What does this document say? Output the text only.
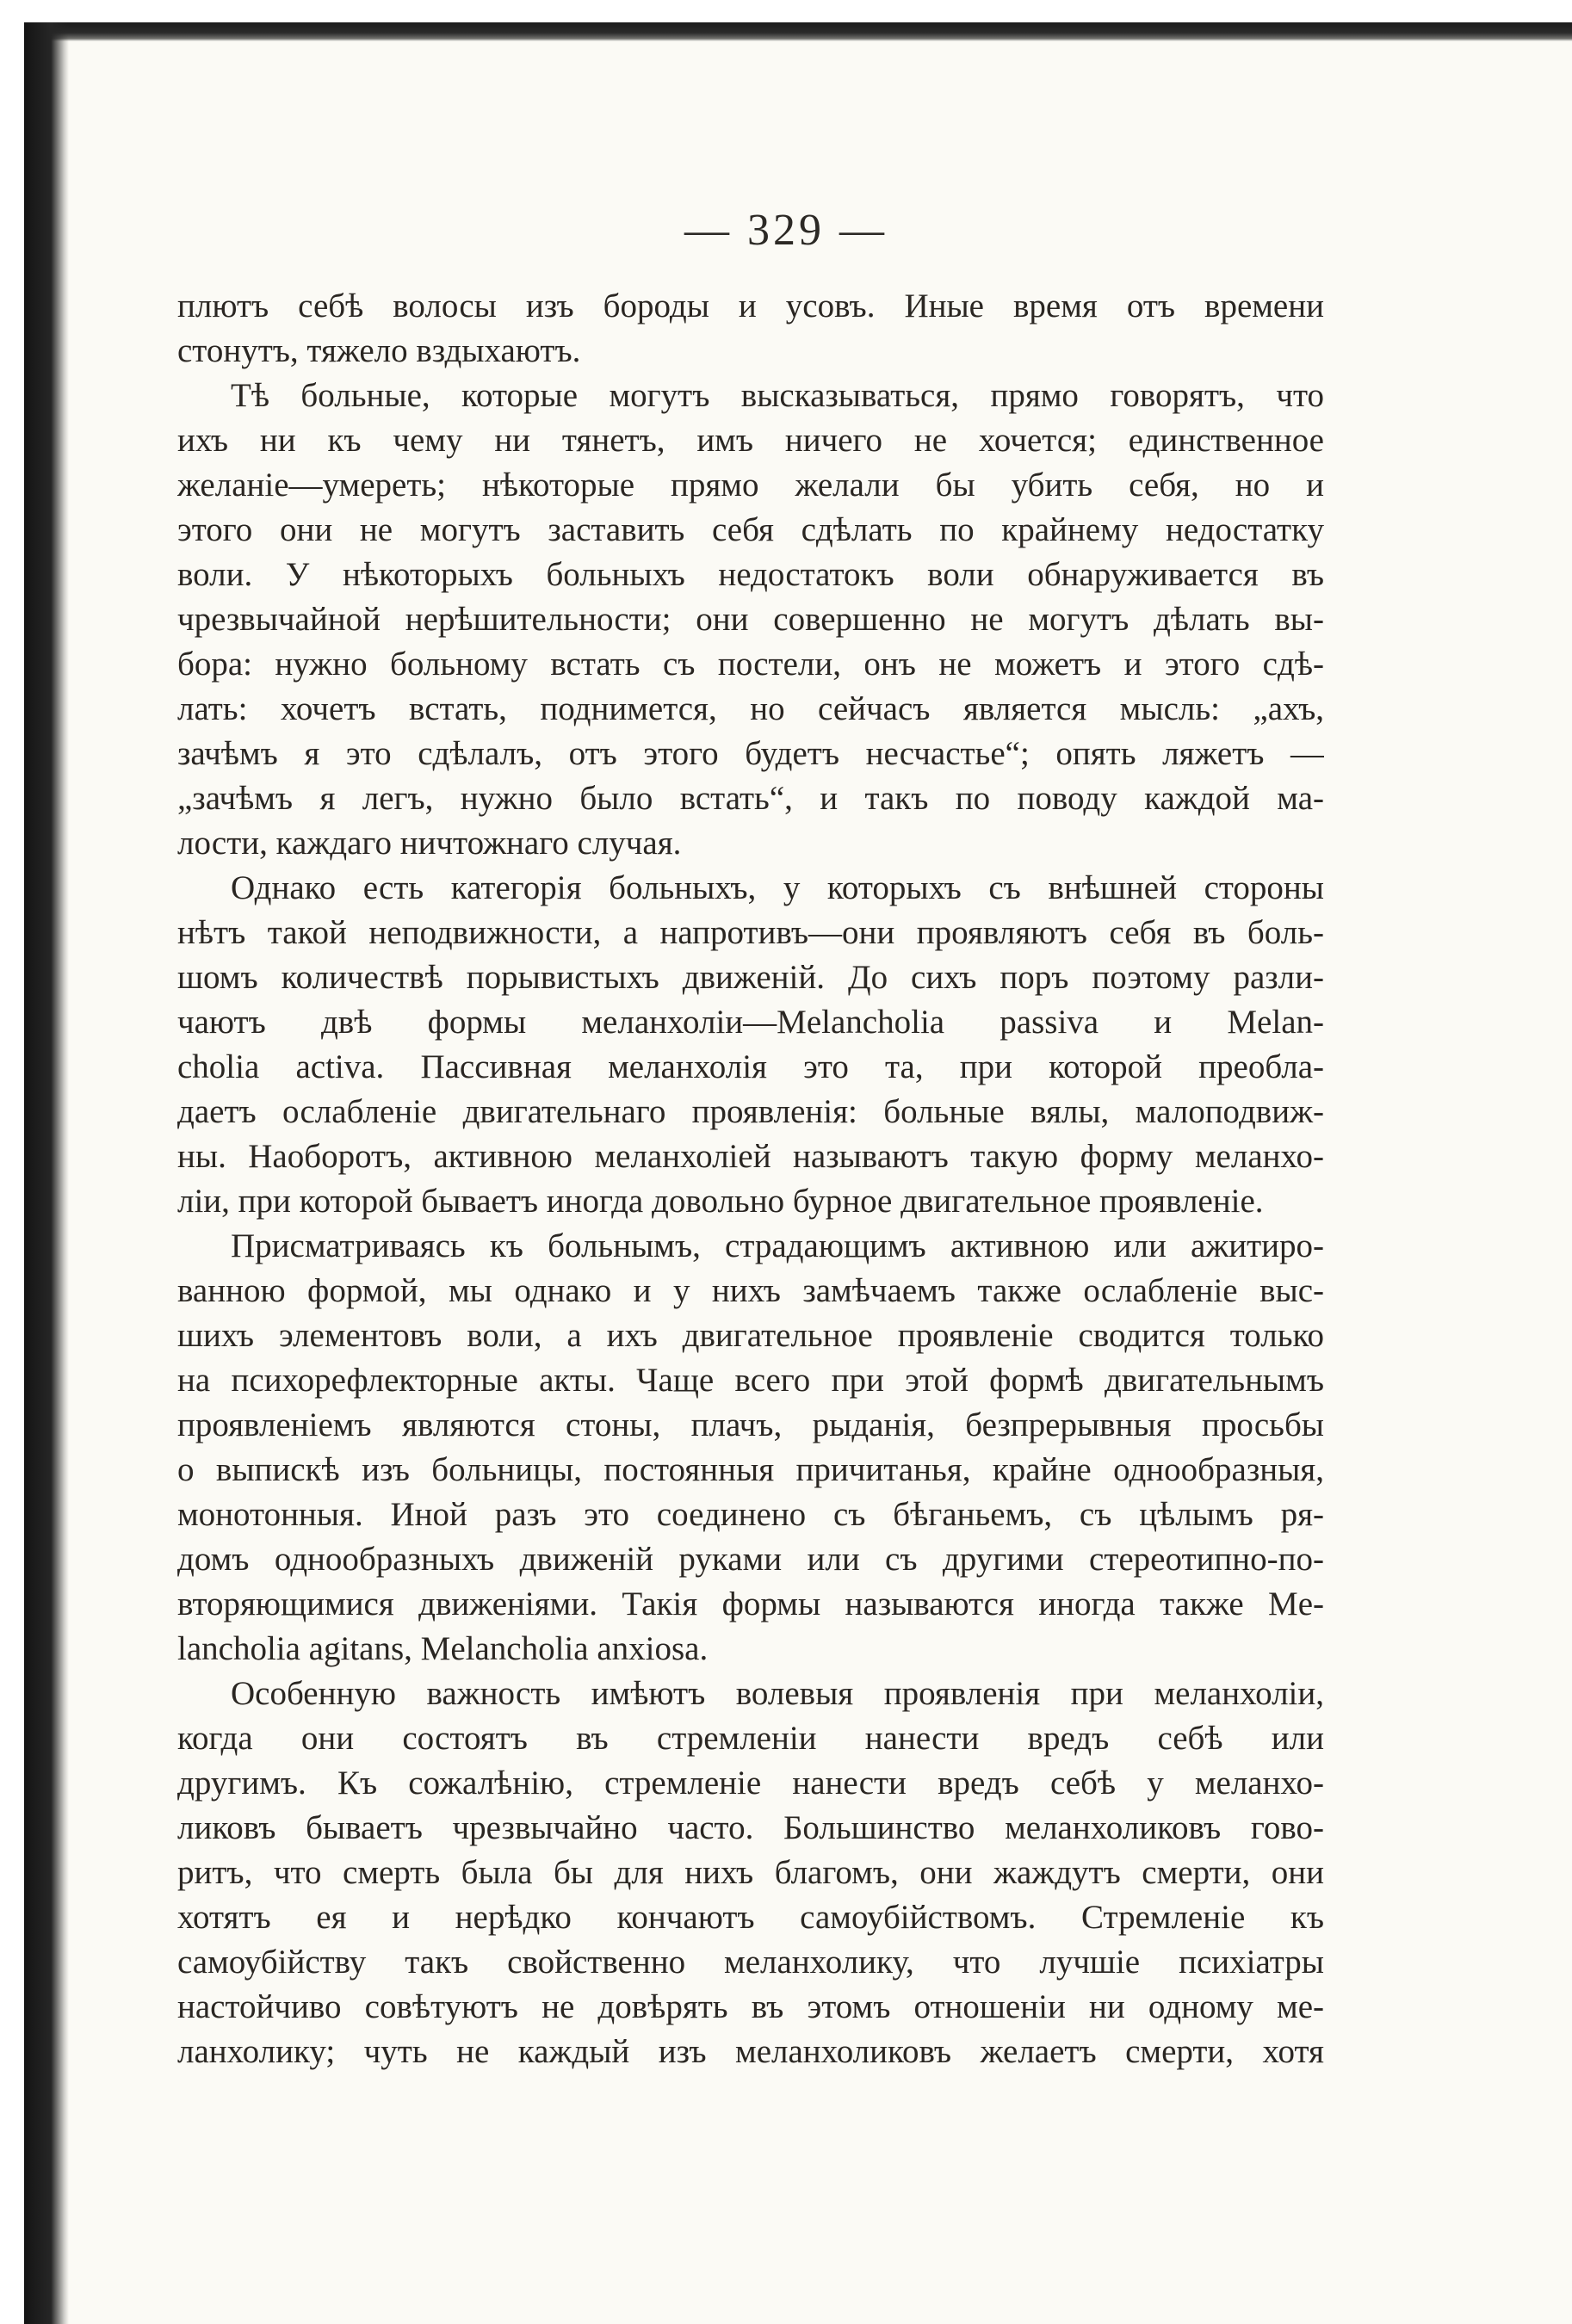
— 329 —
плютъ себѣ волосы изъ бороды и усовъ. Иные время отъ времени
стонутъ, тяжело вздыхаютъ.
Тѣ больные, которые могутъ высказываться, прямо говорятъ, что
ихъ ни къ чему ни тянетъ, имъ ничего не хочется; единственное
желаніе—умереть; нѣкоторые прямо желали бы убить себя, но и
этого они не могутъ заставить себя сдѣлать по крайнему недостатку
воли. У нѣкоторыхъ больныхъ недостатокъ воли обнаруживается въ
чрезвычайной нерѣшительности; они совершенно не могутъ дѣлать вы-
бора: нужно больному встать съ постели, онъ не можетъ и этого сдѣ-
лать: хочетъ встать, поднимется, но сейчасъ является мысль: „ахъ,
зачѣмъ я это сдѣлалъ, отъ этого будетъ несчастье“; опять ляжетъ —
„зачѣмъ я легъ, нужно было встать“, и такъ по поводу каждой ма-
лости, каждаго ничтожнаго случая.
Однако есть категорія больныхъ, у которыхъ съ внѣшней стороны
нѣтъ такой неподвижности, а напротивъ—они проявляютъ себя въ боль-
шомъ количествѣ порывистыхъ движеній. До сихъ поръ поэтому разли-
чаютъ двѣ формы меланхоліи—Melancholia passiva и Melan-
cholia activa. Пассивная меланхолія это та, при которой преобла-
даетъ ослабленіе двигательнаго проявленія: больные вялы, малоподвиж-
ны. Наоборотъ, активною меланхоліей называютъ такую форму меланхо-
ліи, при которой бываетъ иногда довольно бурное двигательное проявленіе.
Присматриваясь къ больнымъ, страдающимъ активною или ажитиро-
ванною формой, мы однако и у нихъ замѣчаемъ также ослабленіе выс-
шихъ элементовъ воли, а ихъ двигательное проявленіе сводится только
на психорефлекторные акты. Чаще всего при этой формѣ двигательнымъ
проявленіемъ являются стоны, плачъ, рыданія, безпрерывныя просьбы
о выпискѣ изъ больницы, постоянныя причитанья, крайне однообразныя,
монотонныя. Иной разъ это соединено съ бѣганьемъ, съ цѣлымъ ря-
домъ однообразныхъ движеній руками или съ другими стереотипно-по-
вторяющимися движеніями. Такія формы называются иногда также Me-
lancholia agitans, Melancholia anxiosa.
Особенную важность имѣютъ волевыя проявленія при меланхоліи,
когда они состоятъ въ стремленіи нанести вредъ себѣ или
другимъ. Къ сожалѣнію, стремленіе нанести вредъ себѣ у меланхо-
ликовъ бываетъ чрезвычайно часто. Большинство меланхоликовъ гово-
ритъ, что смерть была бы для нихъ благомъ, они жаждутъ смерти, они
хотятъ ея и нерѣдко кончаютъ самоубійствомъ. Стремленіе къ
самоубійству такъ свойственно меланхолику, что лучшіе психіатры
настойчиво совѣтуютъ не довѣрять въ этомъ отношеніи ни одному ме-
ланхолику; чуть не каждый изъ меланхоликовъ желаетъ смерти, хотя
